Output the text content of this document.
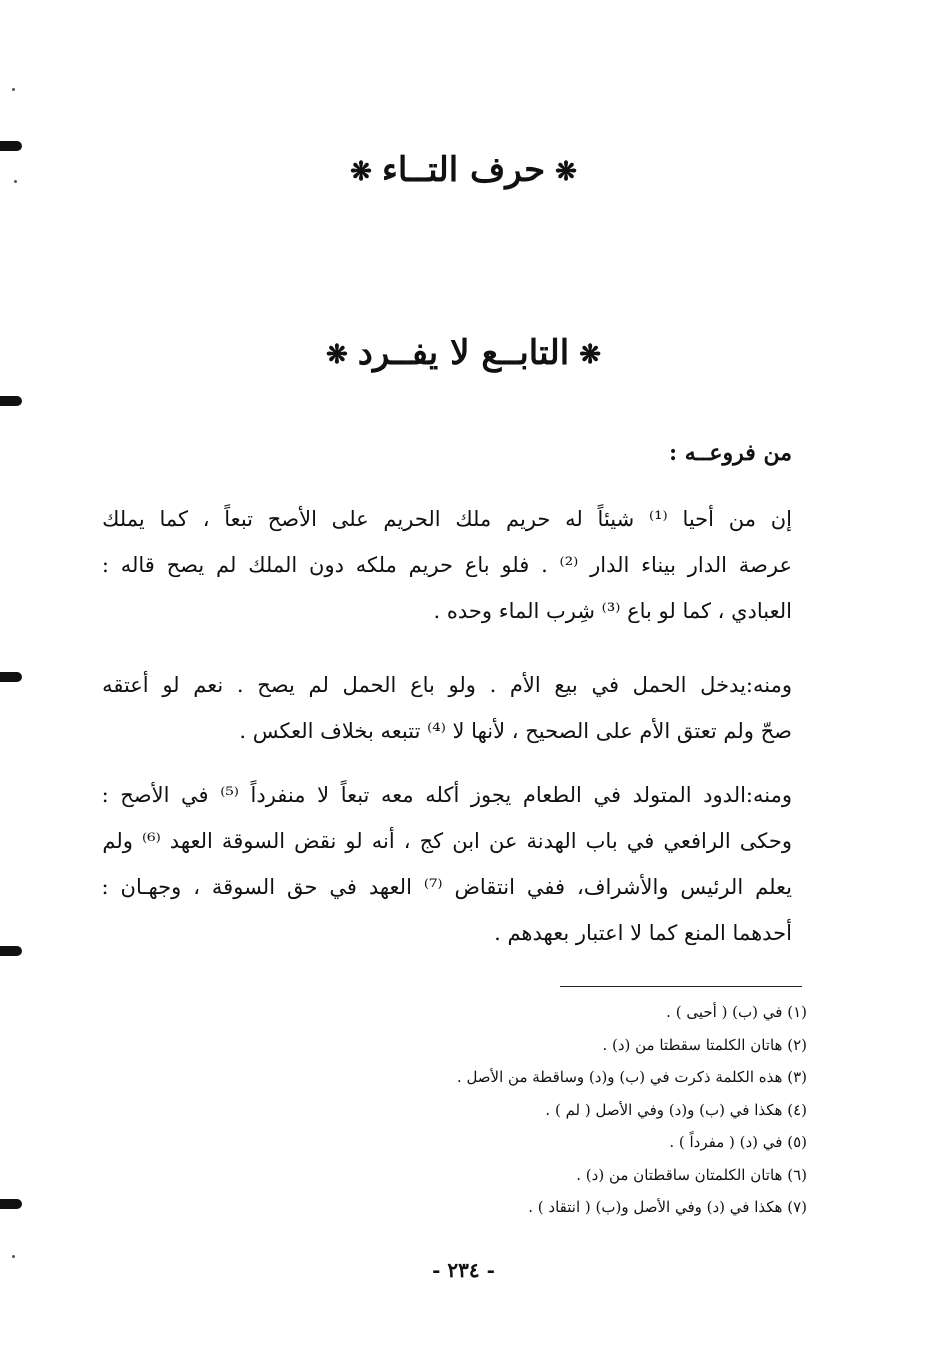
❋حرف التــاء❋
❋التابــع لا يفــرد❋
من فروعــه :
إن من أحيا ⁽¹⁾ شيئاً له حريم ملك الحريم على الأصح تبعاً ، كما يملك
عرصة الدار بيناء الدار ⁽²⁾ . فلو باع حريم ملكه دون الملك لم يصح قاله :
العبادي ، كما لو باع ⁽³⁾ شِرب الماء وحده .
ومنه:يدخل الحمل في بيع الأم . ولو باع الحمل لم يصح . نعم لو أعتقه
صحّ ولم تعتق الأم على الصحيح ، لأنها لا ⁽⁴⁾ تتبعه بخلاف العكس .
ومنه:الدود المتولد في الطعام يجوز أكله معه تبعاً لا منفرداً ⁽⁵⁾ في الأصح :
وحكى الرافعي في باب الهدنة عن ابن كج ، أنه لو نقض السوقة العهد ⁽⁶⁾ ولم
يعلم الرئيس والأشراف، ففي انتقاض ⁽⁷⁾ العهد في حق السوقة ، وجهـان :
أحدهما المنع كما لا اعتبار بعهدهم .
(١) في (ب) ( أحيى ) .
(٢) هاتان الكلمتا سقطتا من (د) .
(٣) هذه الكلمة ذكرت في (ب) و(د) وساقطة من الأصل .
(٤) هكذا في (ب) و(د) وفي الأصل ( لم ) .
(٥) في (د) ( مفرداً ) .
(٦) هاتان الكلمتان ساقطتان من (د) .
(٧) هكذا في (د) وفي الأصل و(ب) ( انتقاد ) .
- ٢٣٤ -
